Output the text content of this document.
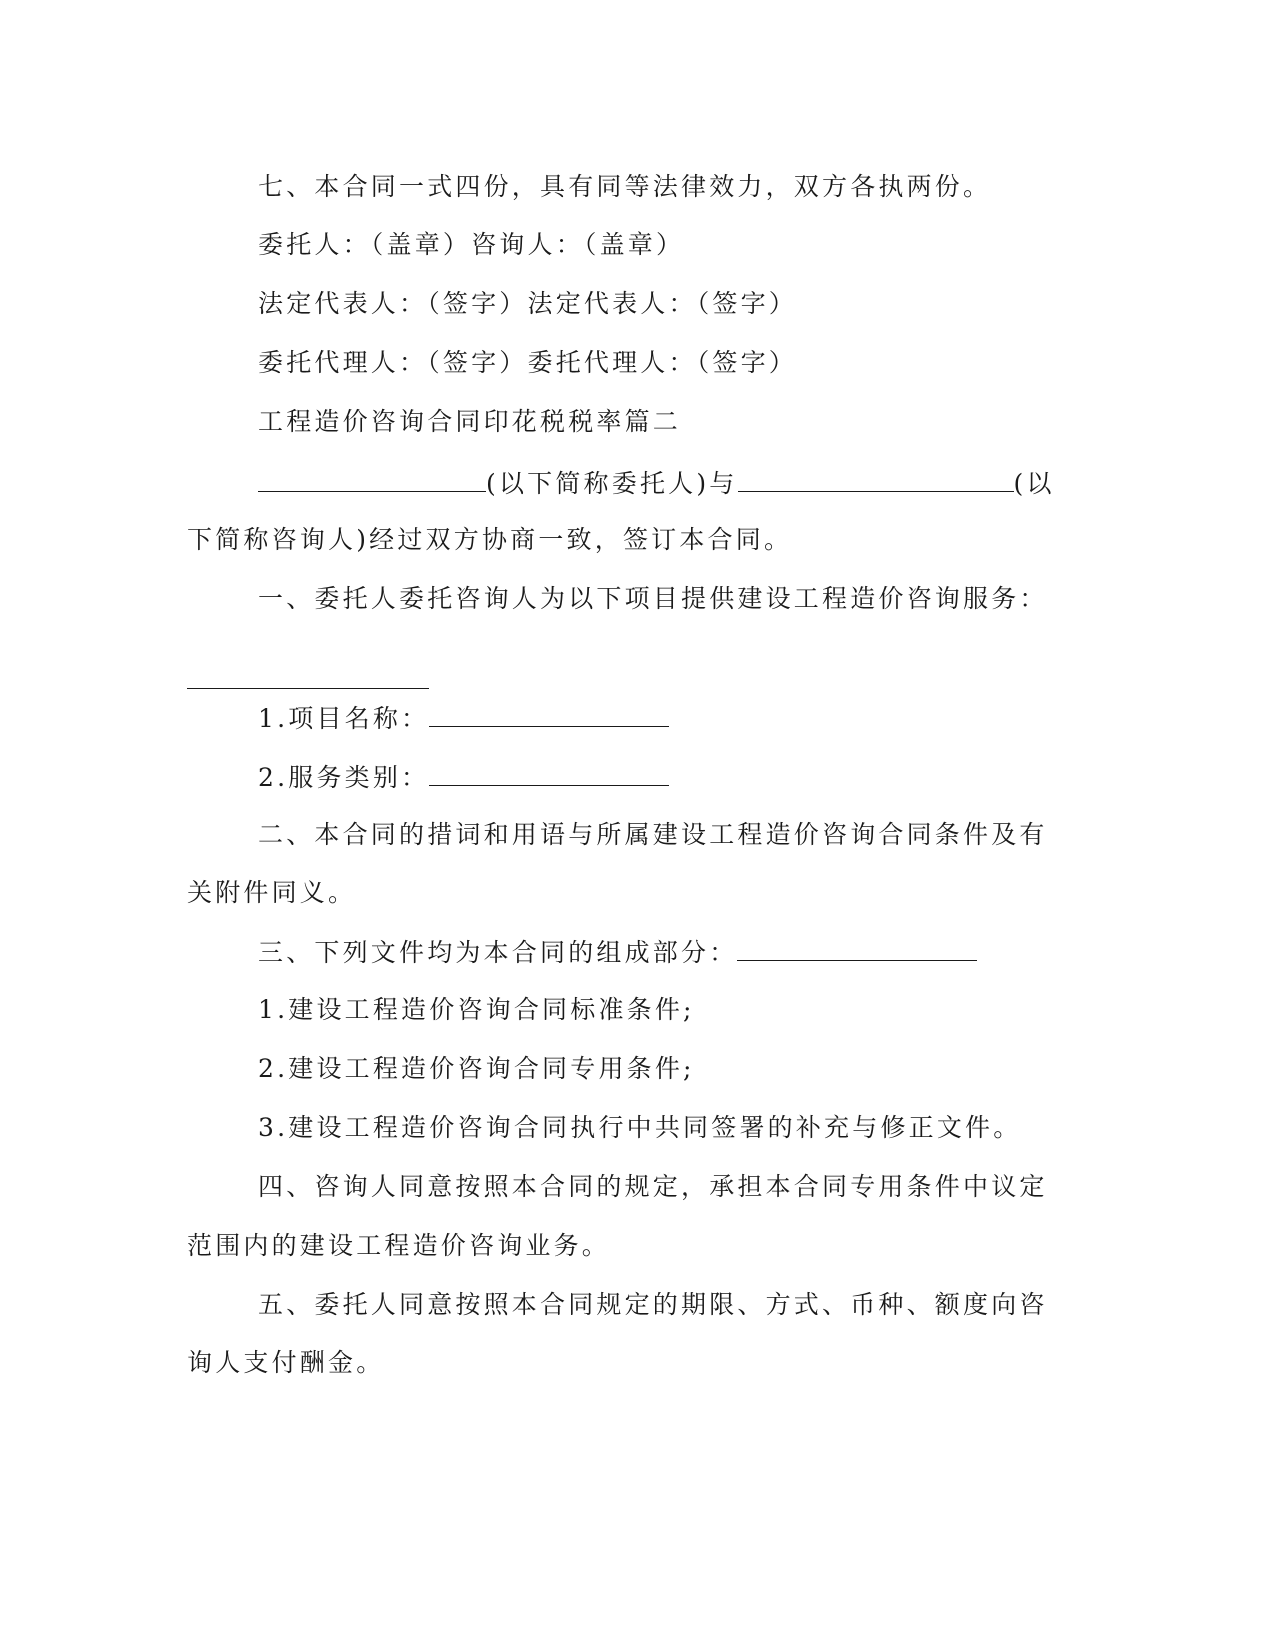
七、本合同一式四份，具有同等法律效力，双方各执两份。
委托人：（盖章）咨询人：（盖章）
法定代表人：（签字）法定代表人：（签字）
委托代理人：（签字）委托代理人：（签字）
工程造价咨询合同印花税税率篇二
(以下简称委托人)与	(以
下简称咨询人)经过双方协商一致，签订本合同。
一、委托人委托咨询人为以下项目提供建设工程造价咨询服务：
1.项目名称：
2.服务类别：
二、本合同的措词和用语与所属建设工程造价咨询合同条件及有
关附件同义。
三、下列文件均为本合同的组成部分：
1.建设工程造价咨询合同标准条件;
2.建设工程造价咨询合同专用条件;
3.建设工程造价咨询合同执行中共同签署的补充与修正文件。
四、咨询人同意按照本合同的规定，承担本合同专用条件中议定
范围内的建设工程造价咨询业务。
五、委托人同意按照本合同规定的期限、方式、币种、额度向咨
询人支付酬金。
